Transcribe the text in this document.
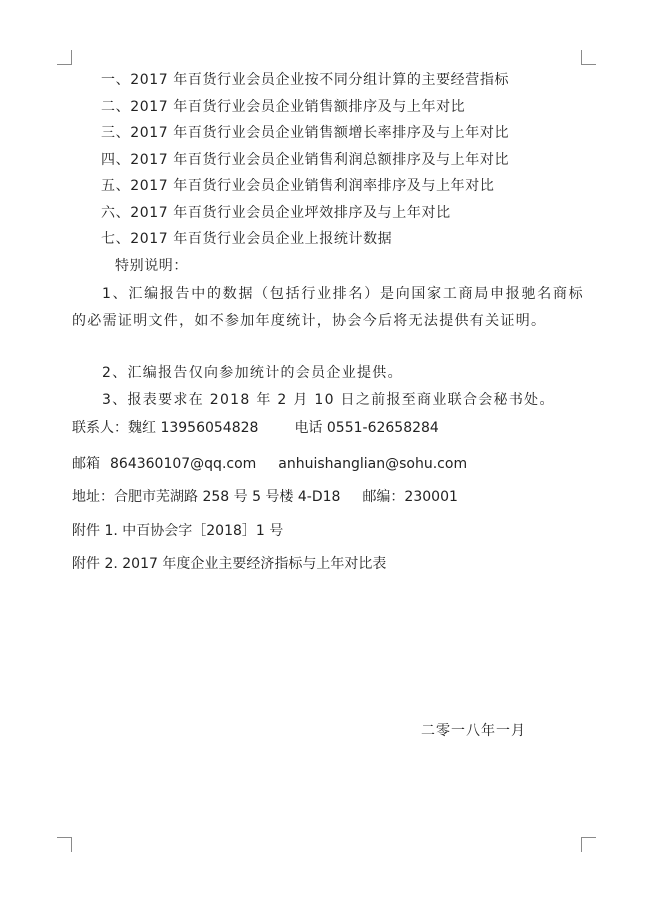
一、2017 年百货行业会员企业按不同分组计算的主要经营指标
二、2017 年百货行业会员企业销售额排序及与上年对比
三、2017 年百货行业会员企业销售额增长率排序及与上年对比
四、2017 年百货行业会员企业销售利润总额排序及与上年对比
五、2017 年百货行业会员企业销售利润率排序及与上年对比
六、2017 年百货行业会员企业坪效排序及与上年对比
七、2017 年百货行业会员企业上报统计数据
特别说明：
1、汇编报告中的数据（包括行业排名）是向国家工商局申报驰名商标的必需证明文件，如不参加年度统计，协会今后将无法提供有关证明。
2、汇编报告仅向参加统计的会员企业提供。
3、报表要求在 2018 年 2 月 10 日之前报至商业联合会秘书处。
联系人：魏红 13956054828	电话 0551-62658284
邮箱 864360107@qq.com anhuishanglian@sohu.com
地址：合肥市芜湖路 258 号 5 号楼 4-D18 邮编：230001
附件 1. 中百协会字［2018］1 号
附件 2. 2017 年度企业主要经济指标与上年对比表
二零一八年一月
